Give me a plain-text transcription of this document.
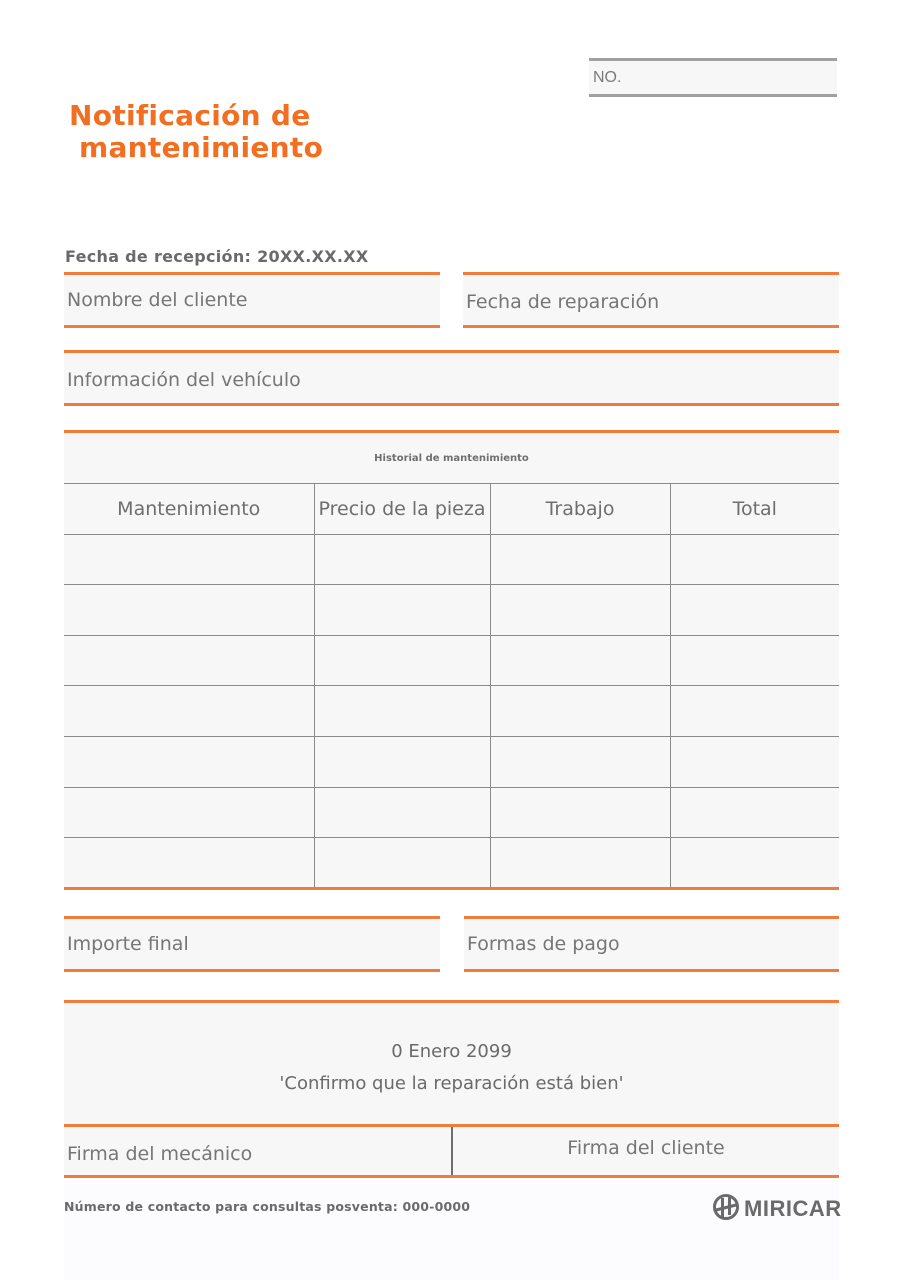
NO.
Notificación de
mantenimiento
Fecha de recepción: 20XX.XX.XX
Nombre del cliente	Fecha de reparación
Información del vehículo
Historial de mantenimiento
Mantenimiento	Precio de la pieza	Trabajo	Total

Importe final	Formas de pago
0 Enero 2099
'Confirmo que la reparación está bien'
Firma del mecánico	Firma del cliente
Número de contacto para consultas posventa: 000-0000	MIRICAR
